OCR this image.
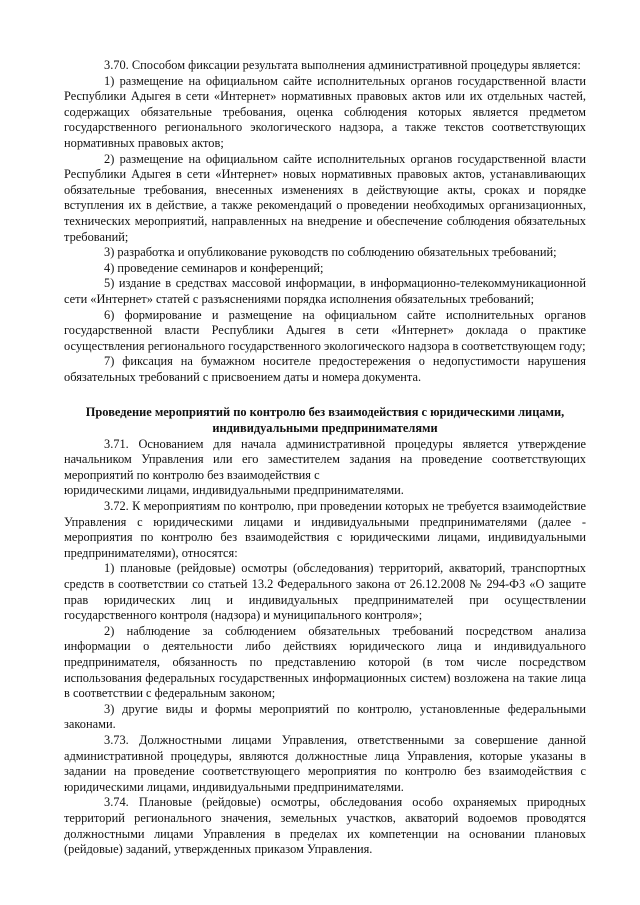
3.70. Способом фиксации результата выполнения административной процедуры является:

1) размещение на официальном сайте исполнительных органов государственной власти Республики Адыгея в сети «Интернет» нормативных правовых актов или их отдельных частей, содержащих обязательные требования, оценка соблюдения которых является предметом государственного регионального экологического надзора, а также текстов соответствующих нормативных правовых актов;

2) размещение на официальном сайте исполнительных органов государственной власти Республики Адыгея в сети «Интернет» новых нормативных правовых актов, устанавливающих обязательные требования, внесенных изменениях в действующие акты, сроках и порядке вступления их в действие, а также рекомендаций о проведении необходимых организационных, технических мероприятий, направленных на внедрение и обеспечение соблюдения обязательных требований;

3) разработка и опубликование руководств по соблюдению обязательных требований;

4) проведение семинаров и конференций;

5) издание в средствах массовой информации, в информационно-телекоммуникационной сети «Интернет» статей с разъяснениями порядка исполнения обязательных требований;

6) формирование и размещение на официальном сайте исполнительных органов государственной власти Республики Адыгея в сети «Интернет» доклада о практике осуществления регионального государственного экологического надзора в соответствующем году;

7) фиксация на бумажном носителе предостережения о недопустимости нарушения обязательных требований с присвоением даты и номера документа.

Проведение мероприятий по контролю без взаимодействия с юридическими лицами, индивидуальными предпринимателями

3.71. Основанием для начала административной процедуры является утверждение начальником Управления или его заместителем задания на проведение соответствующих мероприятий по контролю без взаимодействия с

юридическими лицами, индивидуальными предпринимателями.

3.72. К мероприятиям по контролю, при проведении которых не требуется взаимодействие Управления с юридическими лицами и индивидуальными предпринимателями (далее - мероприятия по контролю без взаимодействия с юридическими лицами, индивидуальными предпринимателями), относятся:

1) плановые (рейдовые) осмотры (обследования) территорий, акваторий, транспортных средств в соответствии со статьей 13.2 Федерального закона от 26.12.2008 № 294-ФЗ «О защите прав юридических лиц и индивидуальных предпринимателей при осуществлении государственного контроля (надзора) и муниципального контроля»;

2) наблюдение за соблюдением обязательных требований посредством анализа информации о деятельности либо действиях юридического лица и индивидуального предпринимателя, обязанность по представлению которой (в том числе посредством использования федеральных государственных информационных систем) возложена на такие лица в соответствии с федеральным законом;

3) другие виды и формы мероприятий по контролю, установленные федеральными законами.

3.73. Должностными лицами Управления, ответственными за совершение данной административной процедуры, являются должностные лица Управления, которые указаны в задании на проведение соответствующего мероприятия по контролю без взаимодействия с юридическими лицами, индивидуальными предпринимателями.

3.74. Плановые (рейдовые) осмотры, обследования особо охраняемых природных территорий регионального значения, земельных участков, акваторий водоемов проводятся должностными лицами Управления в пределах их компетенции на основании плановых (рейдовые) заданий, утвержденных приказом Управления.
